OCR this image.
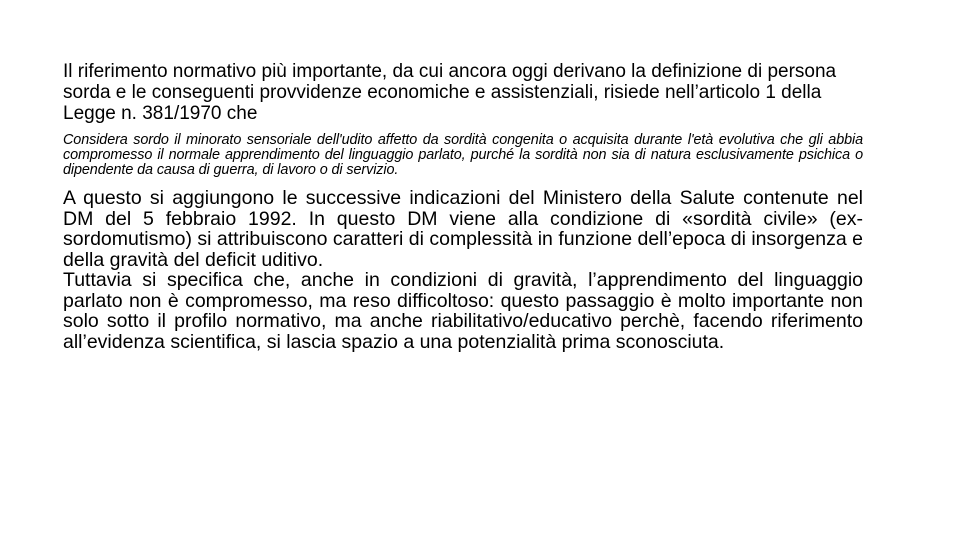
Il riferimento normativo più importante, da cui ancora oggi derivano la definizione di persona sorda e le conseguenti provvidenze economiche e assistenziali, risiede nell’articolo 1 della Legge n. 381/1970 che

Considera sordo il minorato sensoriale dell'udito affetto da sordità congenita o acquisita durante l'età evolutiva che gli abbia compromesso il normale apprendimento del linguaggio parlato, purché la sordità non sia di natura esclusivamente psichica o dipendente da causa di guerra, di lavoro o di servizio.

A questo si aggiungono le successive indicazioni del Ministero della Salute contenute nel DM del 5 febbraio 1992. In questo DM viene alla condizione di «sordità civile» (ex-sordomutismo) si attribuiscono caratteri di complessità in funzione dell’epoca di insorgenza e della gravità del deficit uditivo.

Tuttavia si specifica che, anche in condizioni di gravità, l’apprendimento del linguaggio parlato non è compromesso, ma reso difficoltoso: questo passaggio è molto importante non solo sotto il profilo normativo, ma anche riabilitativo/educativo perchè, facendo riferimento all’evidenza scientifica, si lascia spazio a una potenzialità prima sconosciuta.
